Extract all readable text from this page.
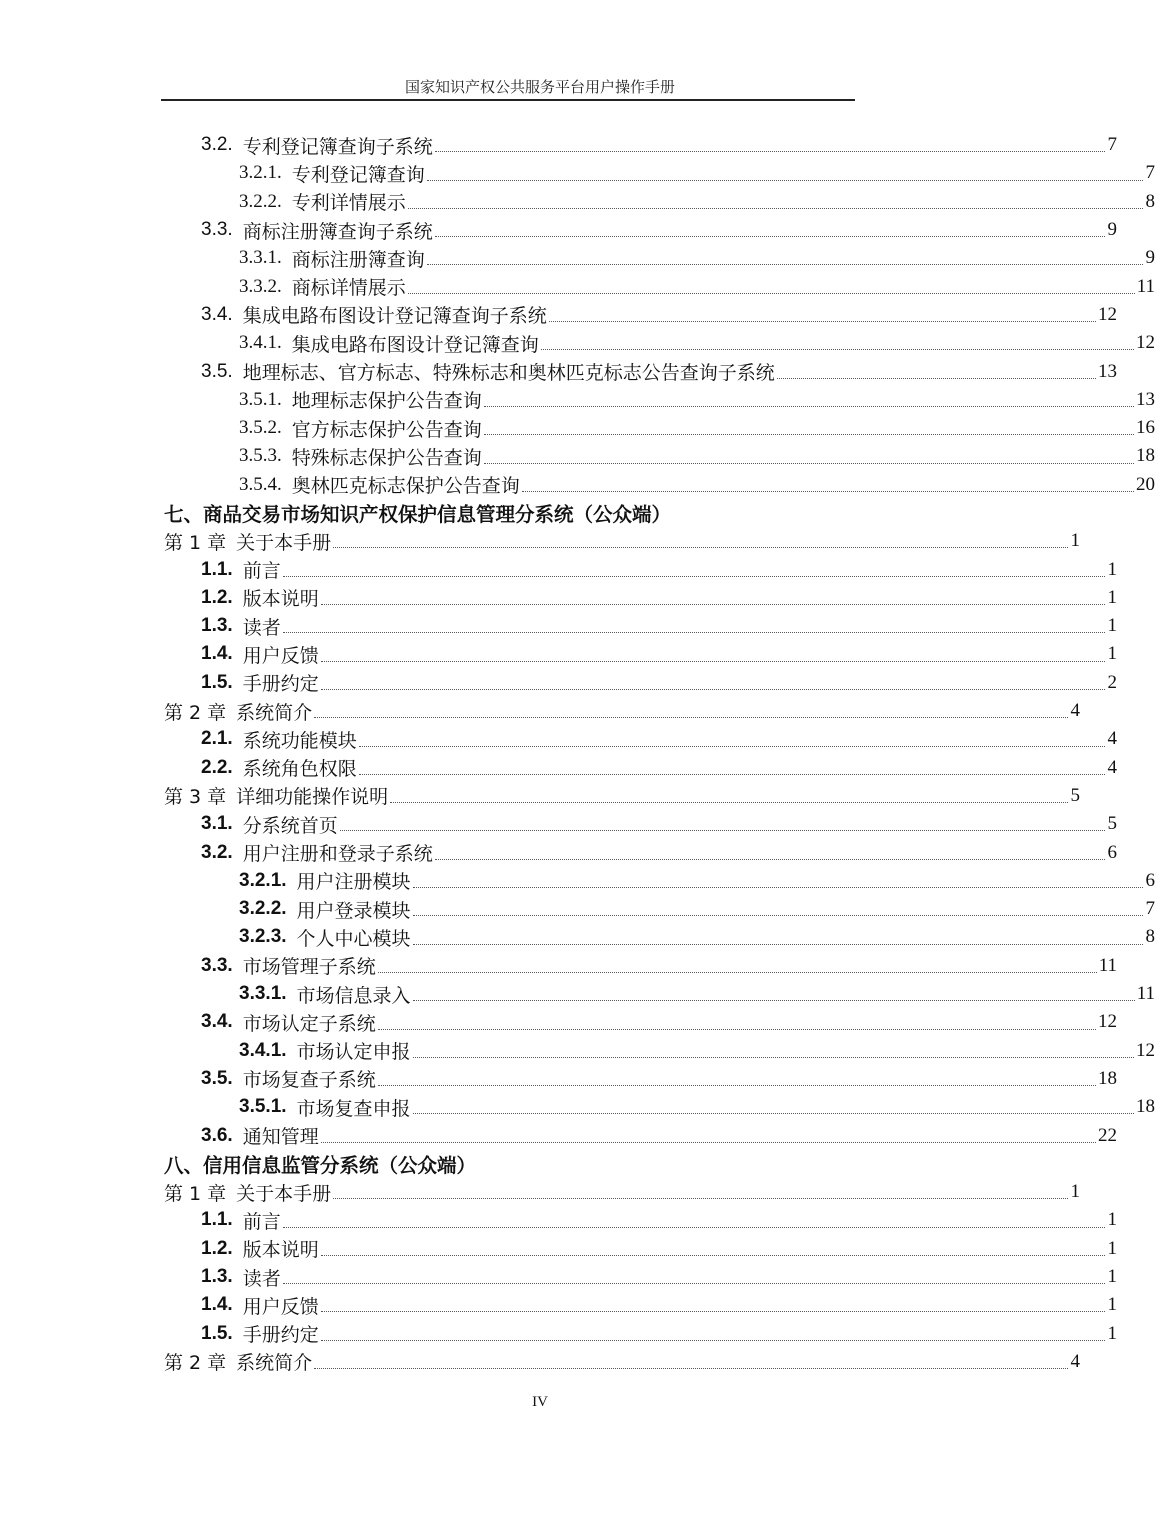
国家知识产权公共服务平台用户操作手册
3.2. 专利登记簿查询子系统	7
3.2.1. 专利登记簿查询	7
3.2.2. 专利详情展示	8
3.3. 商标注册簿查询子系统	9
3.3.1. 商标注册簿查询	9
3.3.2. 商标详情展示	11
3.4. 集成电路布图设计登记簿查询子系统	12
3.4.1. 集成电路布图设计登记簿查询	12
3.5. 地理标志、官方标志、特殊标志和奥林匹克标志公告查询子系统	13
3.5.1. 地理标志保护公告查询	13
3.5.2. 官方标志保护公告查询	16
3.5.3. 特殊标志保护公告查询	18
3.5.4. 奥林匹克标志保护公告查询	20
七、商品交易市场知识产权保护信息管理分系统（公众端）
第 1 章 关于本手册	1
1.1. 前言	1
1.2. 版本说明	1
1.3. 读者	1
1.4. 用户反馈	1
1.5. 手册约定	2
第 2 章 系统简介	4
2.1. 系统功能模块	4
2.2. 系统角色权限	4
第 3 章 详细功能操作说明	5
3.1. 分系统首页	5
3.2. 用户注册和登录子系统	6
3.2.1. 用户注册模块	6
3.2.2. 用户登录模块	7
3.2.3. 个人中心模块	8
3.3. 市场管理子系统	11
3.3.1. 市场信息录入	11
3.4. 市场认定子系统	12
3.4.1. 市场认定申报	12
3.5. 市场复查子系统	18
3.5.1. 市场复查申报	18
3.6. 通知管理	22
八、信用信息监管分系统（公众端）
第 1 章 关于本手册	1
1.1. 前言	1
1.2. 版本说明	1
1.3. 读者	1
1.4. 用户反馈	1
1.5. 手册约定	1
第 2 章 系统简介	4
IV
